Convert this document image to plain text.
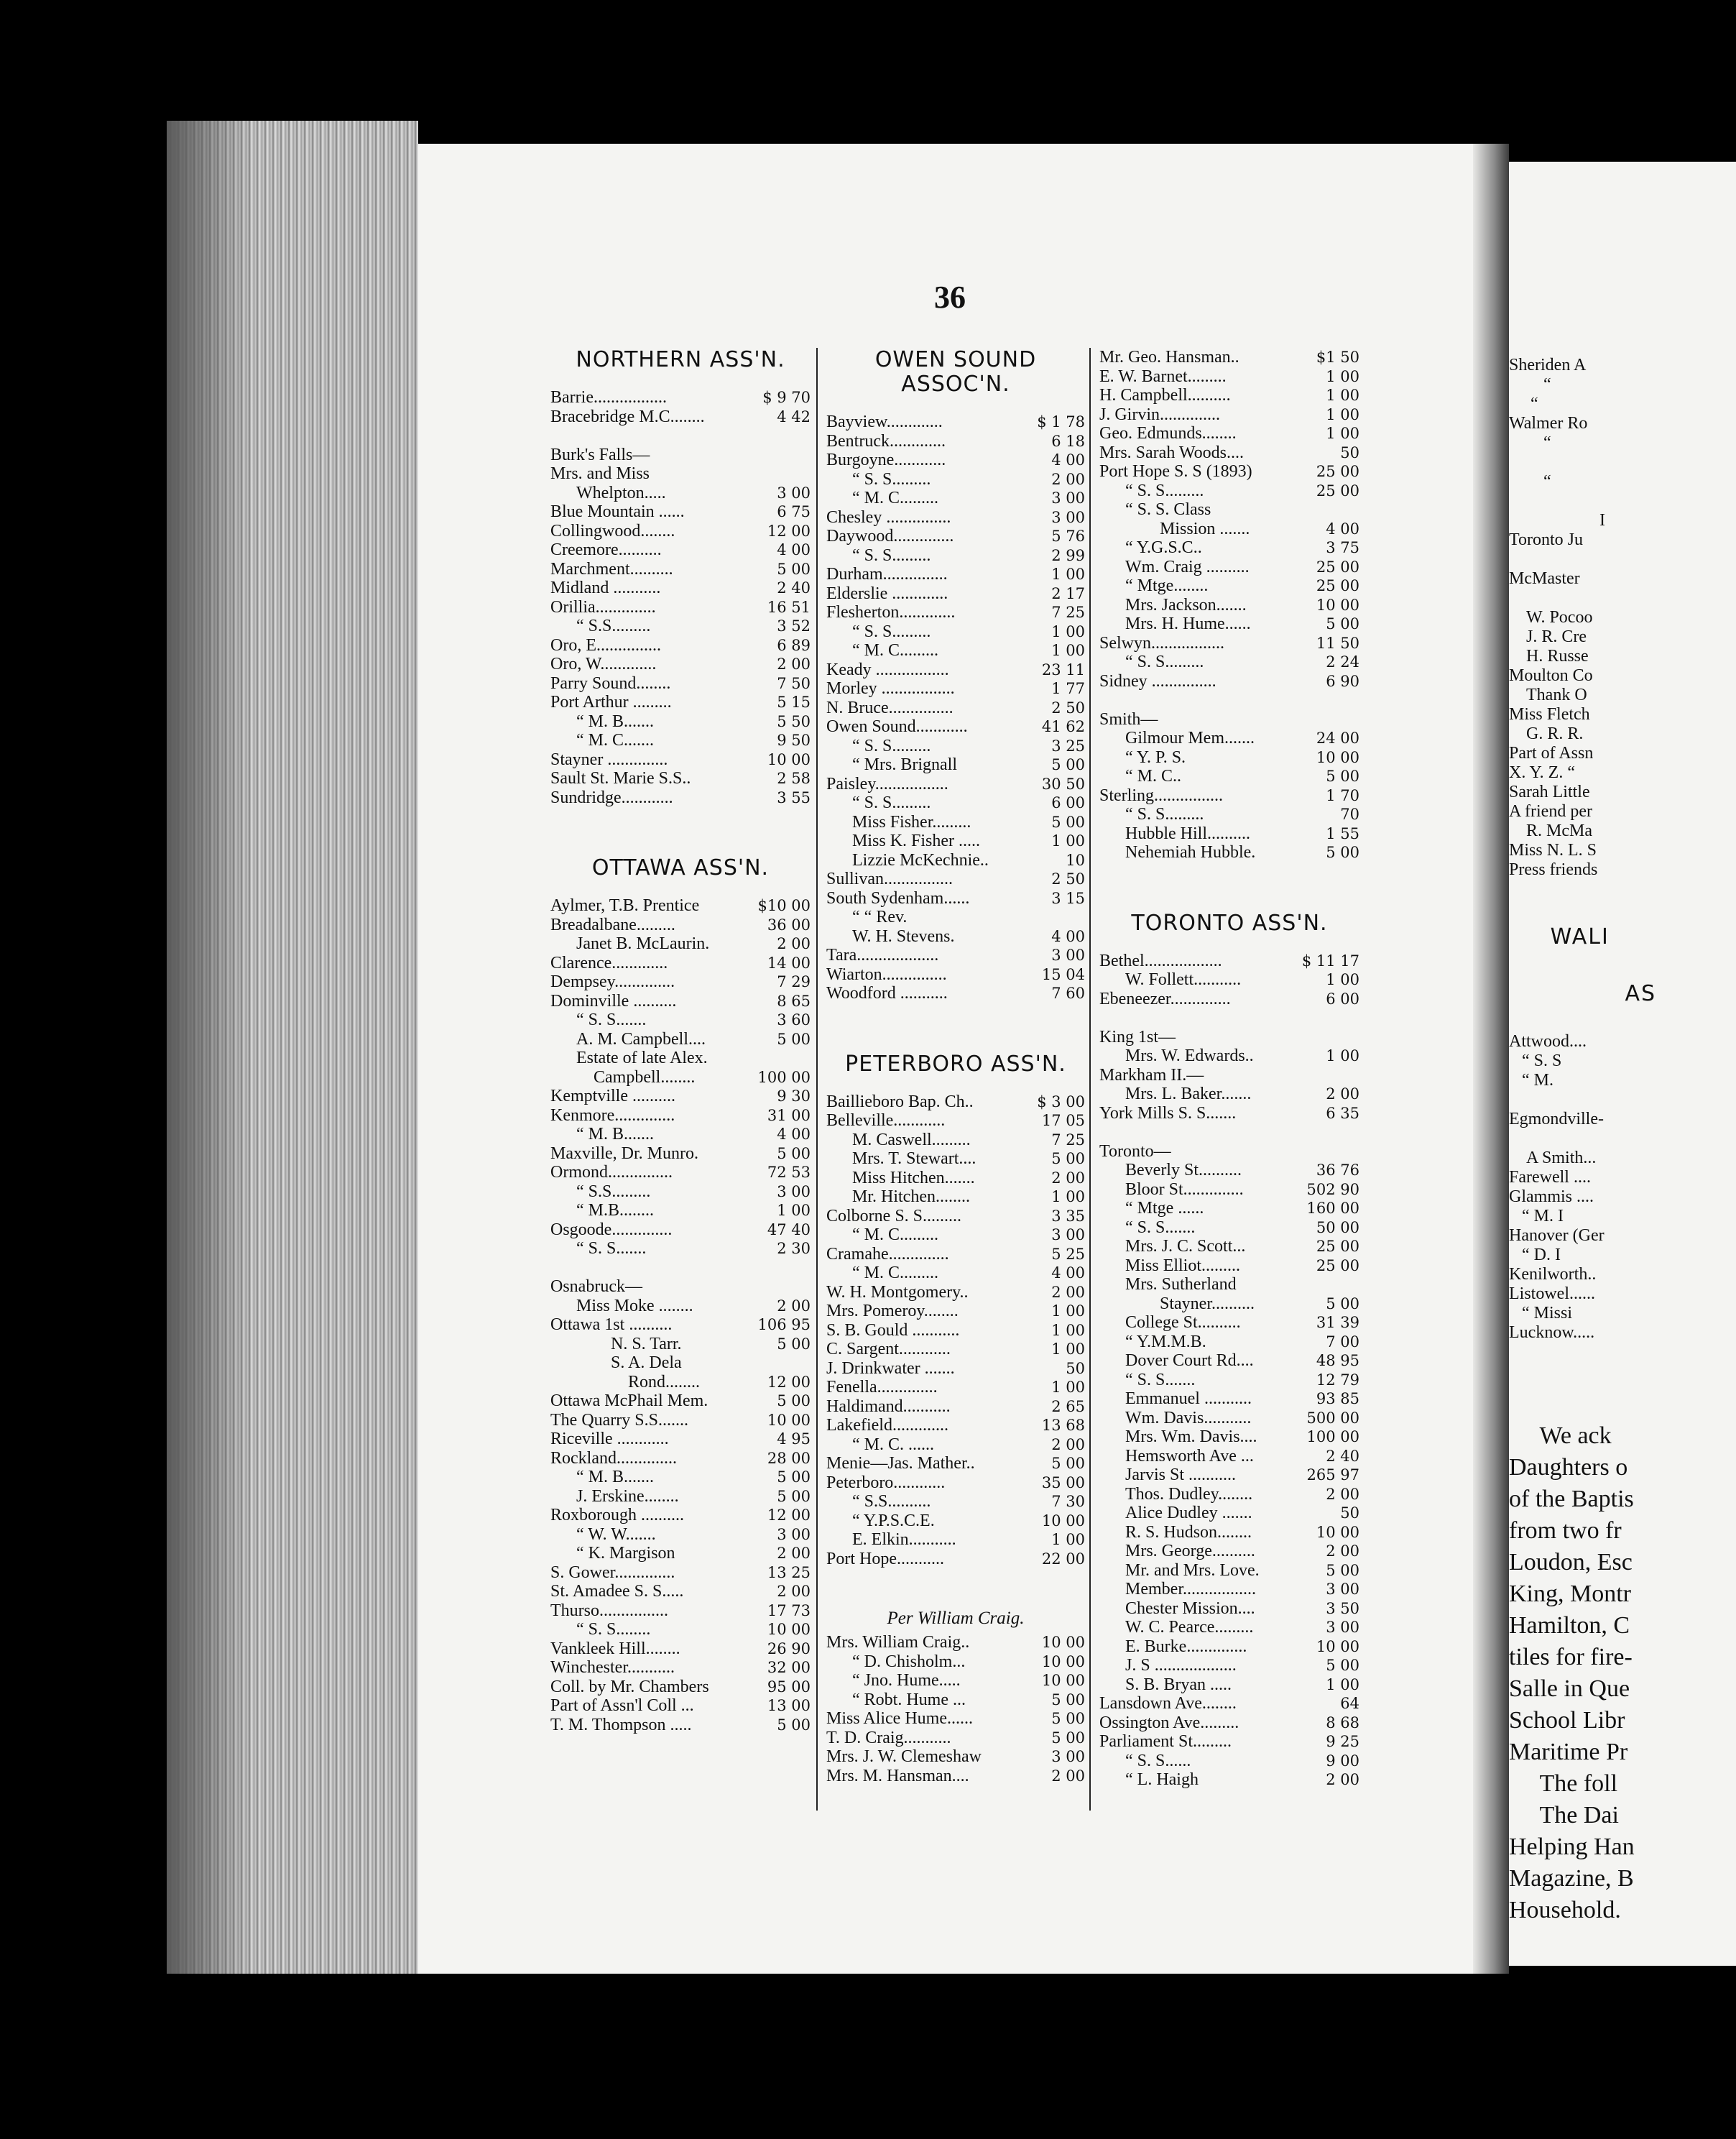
Sheriden A
“
“
Walmer Ro
“
“
I
Toronto Ju
McMaster
W. Pocoo
J. R. Cre
H. Russe
Moulton Co
Thank O
Miss Fletch
G. R. R.
Part of Assn
X. Y. Z. “
Sarah Little
A friend per
R. McMa
Miss N. L. S
Press friends
WALI
AS
Attwood....
“ S. S
“ M.
Egmondville-
A Smith...
Farewell ....
Glammis ....
“ M. I
Hanover (Ger
“ D. I
Kenilworth..
Listowel......
“ Missi
Lucknow.....
We ack
Daughters o
of the Baptis
from two fr
Loudon, Esc
King, Montr
Hamilton, C
tiles for fire-
Salle in Que
School Libr
Maritime Pr
The foll
The Dai
Helping Han
Magazine, B
Household.
36
NORTHERN ASS'N.
Barrie.................	$ 9 70
Bracebridge M.C........	4 42
Burk's Falls—
Mrs. and Miss
Whelpton.....	3 00
Blue Mountain ......	6 75
Collingwood........	12 00
Creemore..........	4 00
Marchment..........	5 00
Midland ...........	2 40
Orillia..............	16 51
“ S.S.........	3 52
Oro, E...............	6 89
Oro, W.............	2 00
Parry Sound........	7 50
Port Arthur .........	5 15
“ M. B.......	5 50
“ M. C.......	9 50
Stayner ..............	10 00
Sault St. Marie S.S..	2 58
Sundridge............	3 55
OTTAWA ASS'N.
Aylmer, T.B. Prentice	$10 00
Breadalbane.........	36 00
Janet B. McLaurin.	2 00
Clarence.............	14 00
Dempsey..............	7 29
Dominville ..........	8 65
“ S. S.......	3 60
A. M. Campbell....	5 00
Estate of late Alex.
Campbell........	100 00
Kemptville ..........	9 30
Kenmore..............	31 00
“ M. B.......	4 00
Maxville, Dr. Munro.	5 00
Ormond...............	72 53
“ S.S.........	3 00
“ M.B........	1 00
Osgoode..............	47 40
“ S. S.......	2 30
Osnabruck—
Miss Moke ........	2 00
Ottawa 1st ..........	106 95
N. S. Tarr.	5 00
S. A. Dela
Rond........	12 00
Ottawa McPhail Mem.	5 00
The Quarry S.S.......	10 00
Riceville ............	4 95
Rockland..............	28 00
“ M. B.......	5 00
J. Erskine........	5 00
Roxborough ..........	12 00
“ W. W.......	3 00
“ K. Margison	2 00
S. Gower..............	13 25
St. Amadee S. S.....	2 00
Thurso................	17 73
“ S. S........	10 00
Vankleek Hill........	26 90
Winchester...........	32 00
Coll. by Mr. Chambers	95 00
Part of Assn'l Coll ...	13 00
T. M. Thompson .....	5 00
OWEN SOUND ASSOC'N.
Bayview.............	$ 1 78
Bentruck.............	6 18
Burgoyne............	4 00
“ S. S.........	2 00
“ M. C.........	3 00
Chesley ...............	3 00
Daywood..............	5 76
“ S. S.........	2 99
Durham...............	1 00
Elderslie .............	2 17
Flesherton.............	7 25
“ S. S.........	1 00
“ M. C.........	1 00
Keady .................	23 11
Morley .................	1 77
N. Bruce...............	2 50
Owen Sound............	41 62
“ S. S.........	3 25
“ Mrs. Brignall	5 00
Paisley.................	30 50
“ S. S.........	6 00
Miss Fisher.........	5 00
Miss K. Fisher .....	1 00
Lizzie McKechnie..	10
Sullivan................	2 50
South Sydenham......	3 15
“ “ Rev.
W. H. Stevens.	4 00
Tara...................	3 00
Wiarton...............	15 04
Woodford ...........	7 60
PETERBORO ASS'N.
Baillieboro Bap. Ch..	$ 3 00
Belleville............	17 05
M. Caswell.........	7 25
Mrs. T. Stewart....	5 00
Miss Hitchen.......	2 00
Mr. Hitchen........	1 00
Colborne S. S.........	3 35
“ M. C.........	3 00
Cramahe..............	5 25
“ M. C.........	4 00
W. H. Montgomery..	2 00
Mrs. Pomeroy........	1 00
S. B. Gould ...........	1 00
C. Sargent............	1 00
J. Drinkwater .......	50
Fenella..............	1 00
Haldimand...........	2 65
Lakefield.............	13 68
“ M. C. ......	2 00
Menie—Jas. Mather..	5 00
Peterboro............	35 00
“ S.S..........	7 30
“ Y.P.S.C.E.	10 00
E. Elkin...........	1 00
Port Hope...........	22 00
Per William Craig.
Mrs. William Craig..	10 00
“ D. Chisholm...	10 00
“ Jno. Hume.....	10 00
“ Robt. Hume ...	5 00
Miss Alice Hume......	5 00
T. D. Craig...........	5 00
Mrs. J. W. Clemeshaw	3 00
Mrs. M. Hansman....	2 00
Mr. Geo. Hansman..	$1 50
E. W. Barnet.........	1 00
H. Campbell..........	1 00
J. Girvin..............	1 00
Geo. Edmunds........	1 00
Mrs. Sarah Woods....	50
Port Hope S. S (1893)	25 00
“ S. S.........	25 00
“ S. S. Class
Mission .......	4 00
“ Y.G.S.C..	3 75
Wm. Craig ..........	25 00
“ Mtge........	25 00
Mrs. Jackson.......	10 00
Mrs. H. Hume......	5 00
Selwyn.................	11 50
“ S. S.........	2 24
Sidney ...............	6 90
Smith—
Gilmour Mem.......	24 00
“ Y. P. S.	10 00
“ M. C..	5 00
Sterling................	1 70
“ S. S.........	70
Hubble Hill..........	1 55
Nehemiah Hubble.	5 00
TORONTO ASS'N.
Bethel..................	$ 11 17
W. Follett...........	1 00
Ebeneezer..............	6 00
King 1st—
Mrs. W. Edwards..	1 00
Markham II.—
Mrs. L. Baker.......	2 00
York Mills S. S.......	6 35
Toronto—
Beverly St..........	36 76
Bloor St..............	502 90
“ Mtge ......	160 00
“ S. S.......	50 00
Mrs. J. C. Scott...	25 00
Miss Elliot.........	25 00
Mrs. Sutherland
Stayner..........	5 00
College St..........	31 39
“ Y.M.M.B.	7 00
Dover Court Rd....	48 95
“ S. S.......	12 79
Emmanuel ...........	93 85
Wm. Davis...........	500 00
Mrs. Wm. Davis....	100 00
Hemsworth Ave ...	2 40
Jarvis St ...........	265 97
Thos. Dudley........	2 00
Alice Dudley .......	50
R. S. Hudson........	10 00
Mrs. George..........	2 00
Mr. and Mrs. Love.	5 00
Member.................	3 00
Chester Mission....	3 50
W. C. Pearce.........	3 00
E. Burke..............	10 00
J. S ...................	5 00
S. B. Bryan .....	1 00
Lansdown Ave........	64
Ossington Ave.........	8 68
Parliament St.........	9 25
“ S. S......	9 00
“ L. Haigh	2 00
